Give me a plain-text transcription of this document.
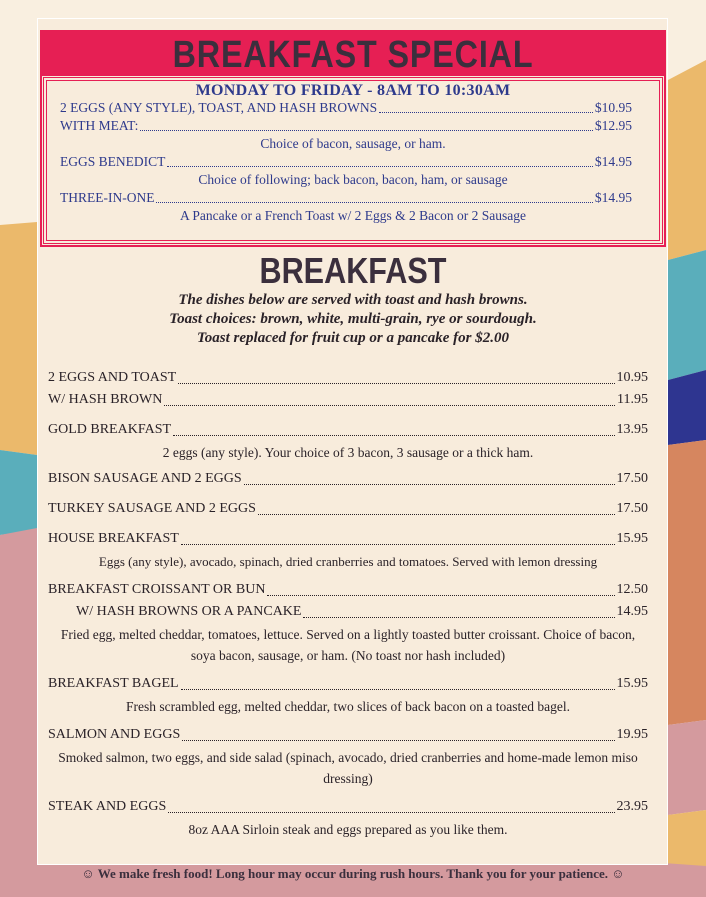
BREAKFAST SPECIAL
MONDAY TO FRIDAY - 8AM TO 10:30AM
2 EGGS (ANY STYLE), TOAST, AND HASH BROWNS	$10.95
WITH MEAT:	$12.95
Choice of bacon, sausage, or ham.
EGGS BENEDICT	$14.95
Choice of following; back bacon, bacon, ham, or sausage
THREE-IN-ONE	$14.95
A Pancake or a French Toast w/ 2 Eggs & 2 Bacon or 2 Sausage
BREAKFAST
The dishes below are served with toast and hash browns.
Toast choices: brown, white, multi-grain, rye or sourdough.
Toast replaced for fruit cup or a pancake for $2.00
2 EGGS AND TOAST	10.95
W/ HASH BROWN	11.95
GOLD BREAKFAST	13.95
2 eggs (any style). Your choice of 3 bacon, 3 sausage or a thick ham.
BISON SAUSAGE AND 2 EGGS	17.50
TURKEY SAUSAGE AND 2 EGGS	17.50
HOUSE BREAKFAST	15.95
Eggs (any style), avocado, spinach, dried cranberries and tomatoes. Served with lemon dressing
BREAKFAST CROISSANT OR BUN	12.50
W/ HASH BROWNS OR A PANCAKE	14.95
Fried egg, melted cheddar, tomatoes, lettuce. Served on a lightly toasted butter croissant. Choice of bacon, soya bacon, sausage, or ham. (No toast nor hash included)
BREAKFAST BAGEL	15.95
Fresh scrambled egg, melted cheddar, two slices of back bacon on a toasted bagel.
SALMON AND EGGS	19.95
Smoked salmon, two eggs, and side salad (spinach, avocado, dried cranberries and home-made lemon miso dressing)
STEAK AND EGGS	23.95
8oz AAA Sirloin steak and eggs prepared as you like them.
☺ We make fresh food! Long hour may occur during rush hours. Thank you for your patience. ☺
